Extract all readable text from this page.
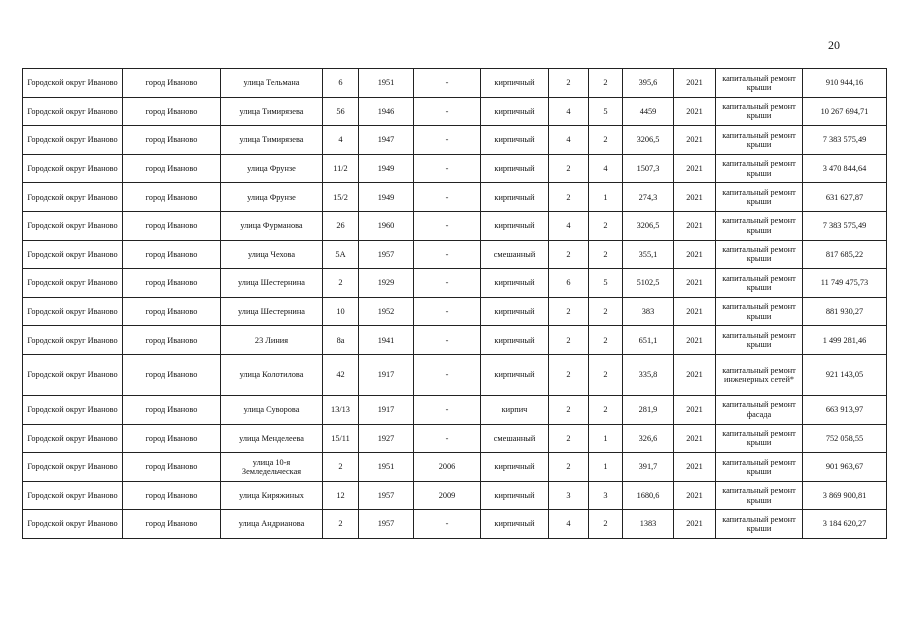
20
Городской округ Иваново	город Иваново	улица Тельмана	6	1951	-	кирпичный	2	2	395,6	2021	капитальный ремонт крыши	910 944,16
Городской округ Иваново	город Иваново	улица Тимирязева	56	1946	-	кирпичный	4	5	4459	2021	капитальный ремонт крыши	10 267 694,71
Городской округ Иваново	город Иваново	улица Тимирязева	4	1947	-	кирпичный	4	2	3206,5	2021	капитальный ремонт крыши	7 383 575,49
Городской округ Иваново	город Иваново	улица Фрунзе	11/2	1949	-	кирпичный	2	4	1507,3	2021	капитальный ремонт крыши	3 470 844,64
Городской округ Иваново	город Иваново	улица Фрунзе	15/2	1949	-	кирпичный	2	1	274,3	2021	капитальный ремонт крыши	631 627,87
Городской округ Иваново	город Иваново	улица Фурманова	26	1960	-	кирпичный	4	2	3206,5	2021	капитальный ремонт крыши	7 383 575,49
Городской округ Иваново	город Иваново	улица Чехова	5А	1957	-	смешанный	2	2	355,1	2021	капитальный ремонт крыши	817 685,22
Городской округ Иваново	город Иваново	улица Шестернина	2	1929	-	кирпичный	6	5	5102,5	2021	капитальный ремонт крыши	11 749 475,73
Городской округ Иваново	город Иваново	улица Шестернина	10	1952	-	кирпичный	2	2	383	2021	капитальный ремонт крыши	881 930,27
Городской округ Иваново	город Иваново	23 Линия	8а	1941	-	кирпичный	2	2	651,1	2021	капитальный ремонт крыши	1 499 281,46
Городской округ Иваново	город Иваново	улица Колотилова	42	1917	-	кирпичный	2	2	335,8	2021	капитальный ремонт инженерных сетей*	921 143,05
Городской округ Иваново	город Иваново	улица Суворова	13/13	1917	-	кирпич	2	2	281,9	2021	капитальный ремонт фасада	663 913,97
Городской округ Иваново	город Иваново	улица Менделеева	15/11	1927	-	смешанный	2	1	326,6	2021	капитальный ремонт крыши	752 058,55
Городской округ Иваново	город Иваново	улица 10-я Земледельческая	2	1951	2006	кирпичный	2	1	391,7	2021	капитальный ремонт крыши	901 963,67
Городской округ Иваново	город Иваново	улица Киряжиных	12	1957	2009	кирпичный	3	3	1680,6	2021	капитальный ремонт крыши	3 869 900,81
Городской округ Иваново	город Иваново	улица Андрианова	2	1957	-	кирпичный	4	2	1383	2021	капитальный ремонт крыши	3 184 620,27
